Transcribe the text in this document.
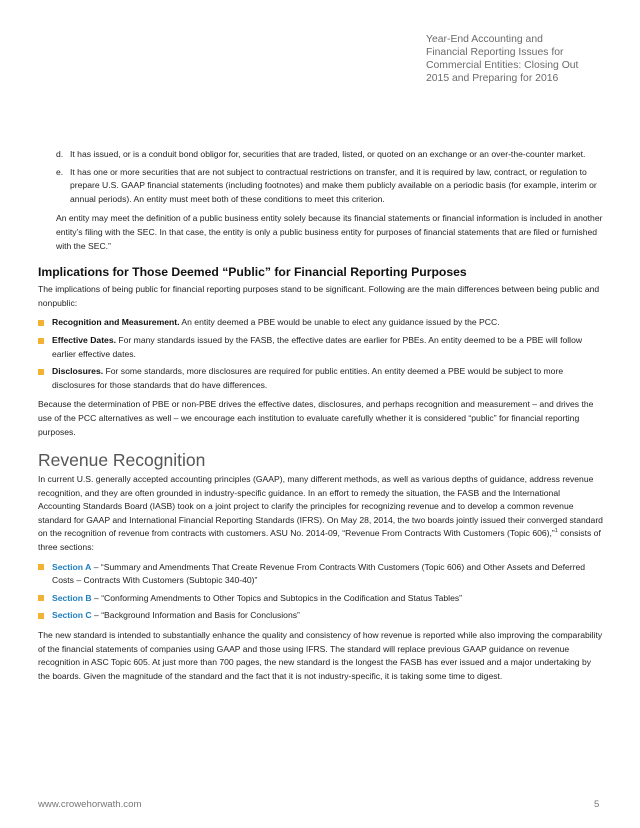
Year-End Accounting and
Financial Reporting Issues for
Commercial Entities: Closing Out
2015 and Preparing for 2016
d. It has issued, or is a conduit bond obligor for, securities that are traded, listed, or quoted on an exchange or an over-the-counter market.
e. It has one or more securities that are not subject to contractual restrictions on transfer, and it is required by law, contract, or regulation to prepare U.S. GAAP financial statements (including footnotes) and make them publicly available on a periodic basis (for example, interim or annual periods). An entity must meet both of these conditions to meet this criterion.

An entity may meet the definition of a public business entity solely because its financial statements or financial information is included in another entity’s filing with the SEC. In that case, the entity is only a public business entity for purposes of financial statements that are filed or furnished with the SEC.”

Implications for Those Deemed “Public” for Financial Reporting Purposes

The implications of being public for financial reporting purposes stand to be significant. Following are the main differences between being public and nonpublic:

Recognition and Measurement. An entity deemed a PBE would be unable to elect any guidance issued by the PCC.
Effective Dates. For many standards issued by the FASB, the effective dates are earlier for PBEs. An entity deemed to be a PBE will follow earlier effective dates.
Disclosures. For some standards, more disclosures are required for public entities. An entity deemed a PBE would be subject to more disclosures for those standards that do have differences.

Because the determination of PBE or non-PBE drives the effective dates, disclosures, and perhaps recognition and measurement – and drives the use of the PCC alternatives as well – we encourage each institution to evaluate carefully whether it is considered “public” for financial reporting purposes.

Revenue Recognition

In current U.S. generally accepted accounting principles (GAAP), many different methods, as well as various depths of guidance, address revenue recognition, and they are often grounded in industry-specific guidance. In an effort to remedy the situation, the FASB and the International Accounting Standards Board (IASB) took on a joint project to clarify the principles for recognizing revenue and to develop a common revenue standard for GAAP and International Financial Reporting Standards (IFRS). On May 28, 2014, the two boards jointly issued their converged standard on the recognition of revenue from contracts with customers. ASU No. 2014-09, “Revenue From Contracts With Customers (Topic 606),”$^1$ consists of three sections:

Section A – “Summary and Amendments That Create Revenue From Contracts With Customers (Topic 606) and Other Assets and Deferred Costs – Contracts With Customers (Subtopic 340-40)”
Section B – “Conforming Amendments to Other Topics and Subtopics in the Codification and Status Tables”
Section C – “Background Information and Basis for Conclusions”

The new standard is intended to substantially enhance the quality and consistency of how revenue is reported while also improving the comparability of the financial statements of companies using GAAP and those using IFRS. The standard will replace previous GAAP guidance on revenue recognition in ASC Topic 605. At just more than 700 pages, the new standard is the longest the FASB has ever issued and a major undertaking by the boards. Given the magnitude of the standard and the fact that it is not industry-specific, it is taking some time to digest.

www.crowehorwath.com	5
